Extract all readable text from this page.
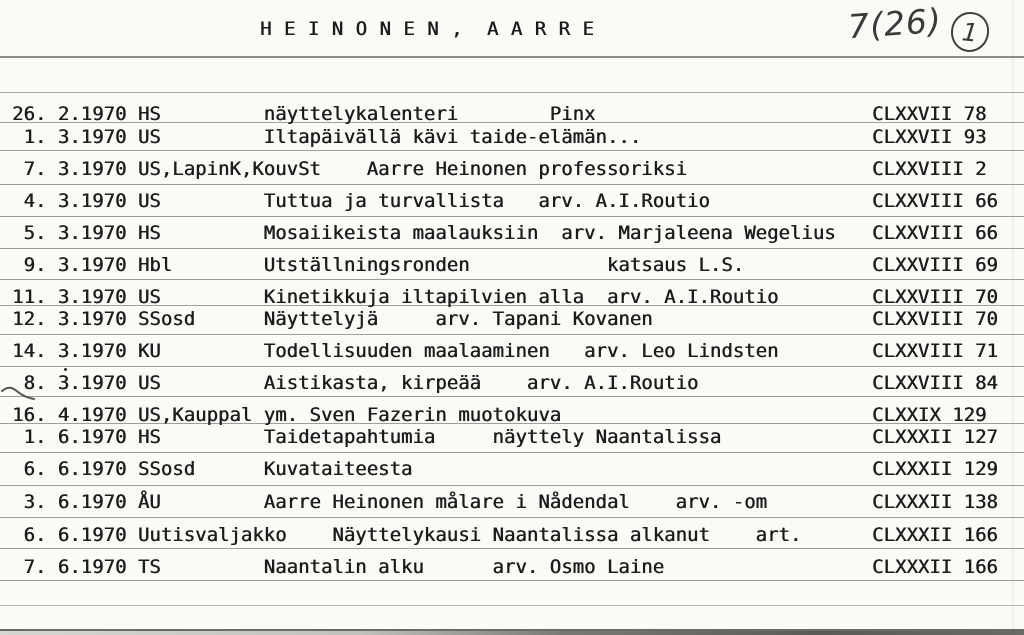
H E I N O N E N ,  A A R R E	7(26) 1
26. 2.1970 HS         näyttelykalenteri        Pinx	CLXXVII 78
1. 3.1970 US         Iltapäivällä kävi taide-elämän...	CLXXVII 93
7. 3.1970 US,LapinK,KouvSt    Aarre Heinonen professoriksi	CLXXVIII 2
4. 3.1970 US         Tuttua ja turvallista   arv. A.I.Routio	CLXXVIII 66
5. 3.1970 HS         Mosaiikeista maalauksiin  arv. Marjaleena Wegelius CLXXVIII 66
9. 3.1970 Hbl        Utställningsronden            katsaus L.S.	CLXXVIII 69
11. 3.1970 US         Kinetikkuja iltapilvien alla  arv. A.I.Routio	CLXXVIII 70
12. 3.1970 SSosd      Näyttelyjä     arv. Tapani Kovanen	CLXXVIII 70
14. 3.1970 KU         Todellisuuden maalaaminen   arv. Leo Lindsten	CLXXVIII 71
8. 3.1970 US         Aistikasta, kirpeää    arv. A.I.Routio	CLXXVIII 84
16. 4.1970 US,Kauppal ym. Sven Fazerin muotokuva	CLXXIX 129
1. 6.1970 HS         Taidetapahtumia     näyttely Naantalissa	CLXXXII 127
6. 6.1970 SSosd      Kuvataiteesta	CLXXXII 129
3. 6.1970 ÅU         Aarre Heinonen målare i Nådendal    arv. -om	CLXXXII 138
6. 6.1970 Uutisvaljakko    Näyttelykausi Naantalissa alkanut    art.	CLXXXII 166
7. 6.1970 TS         Naantalin alku      arv. Osmo Laine	CLXXXII 166
